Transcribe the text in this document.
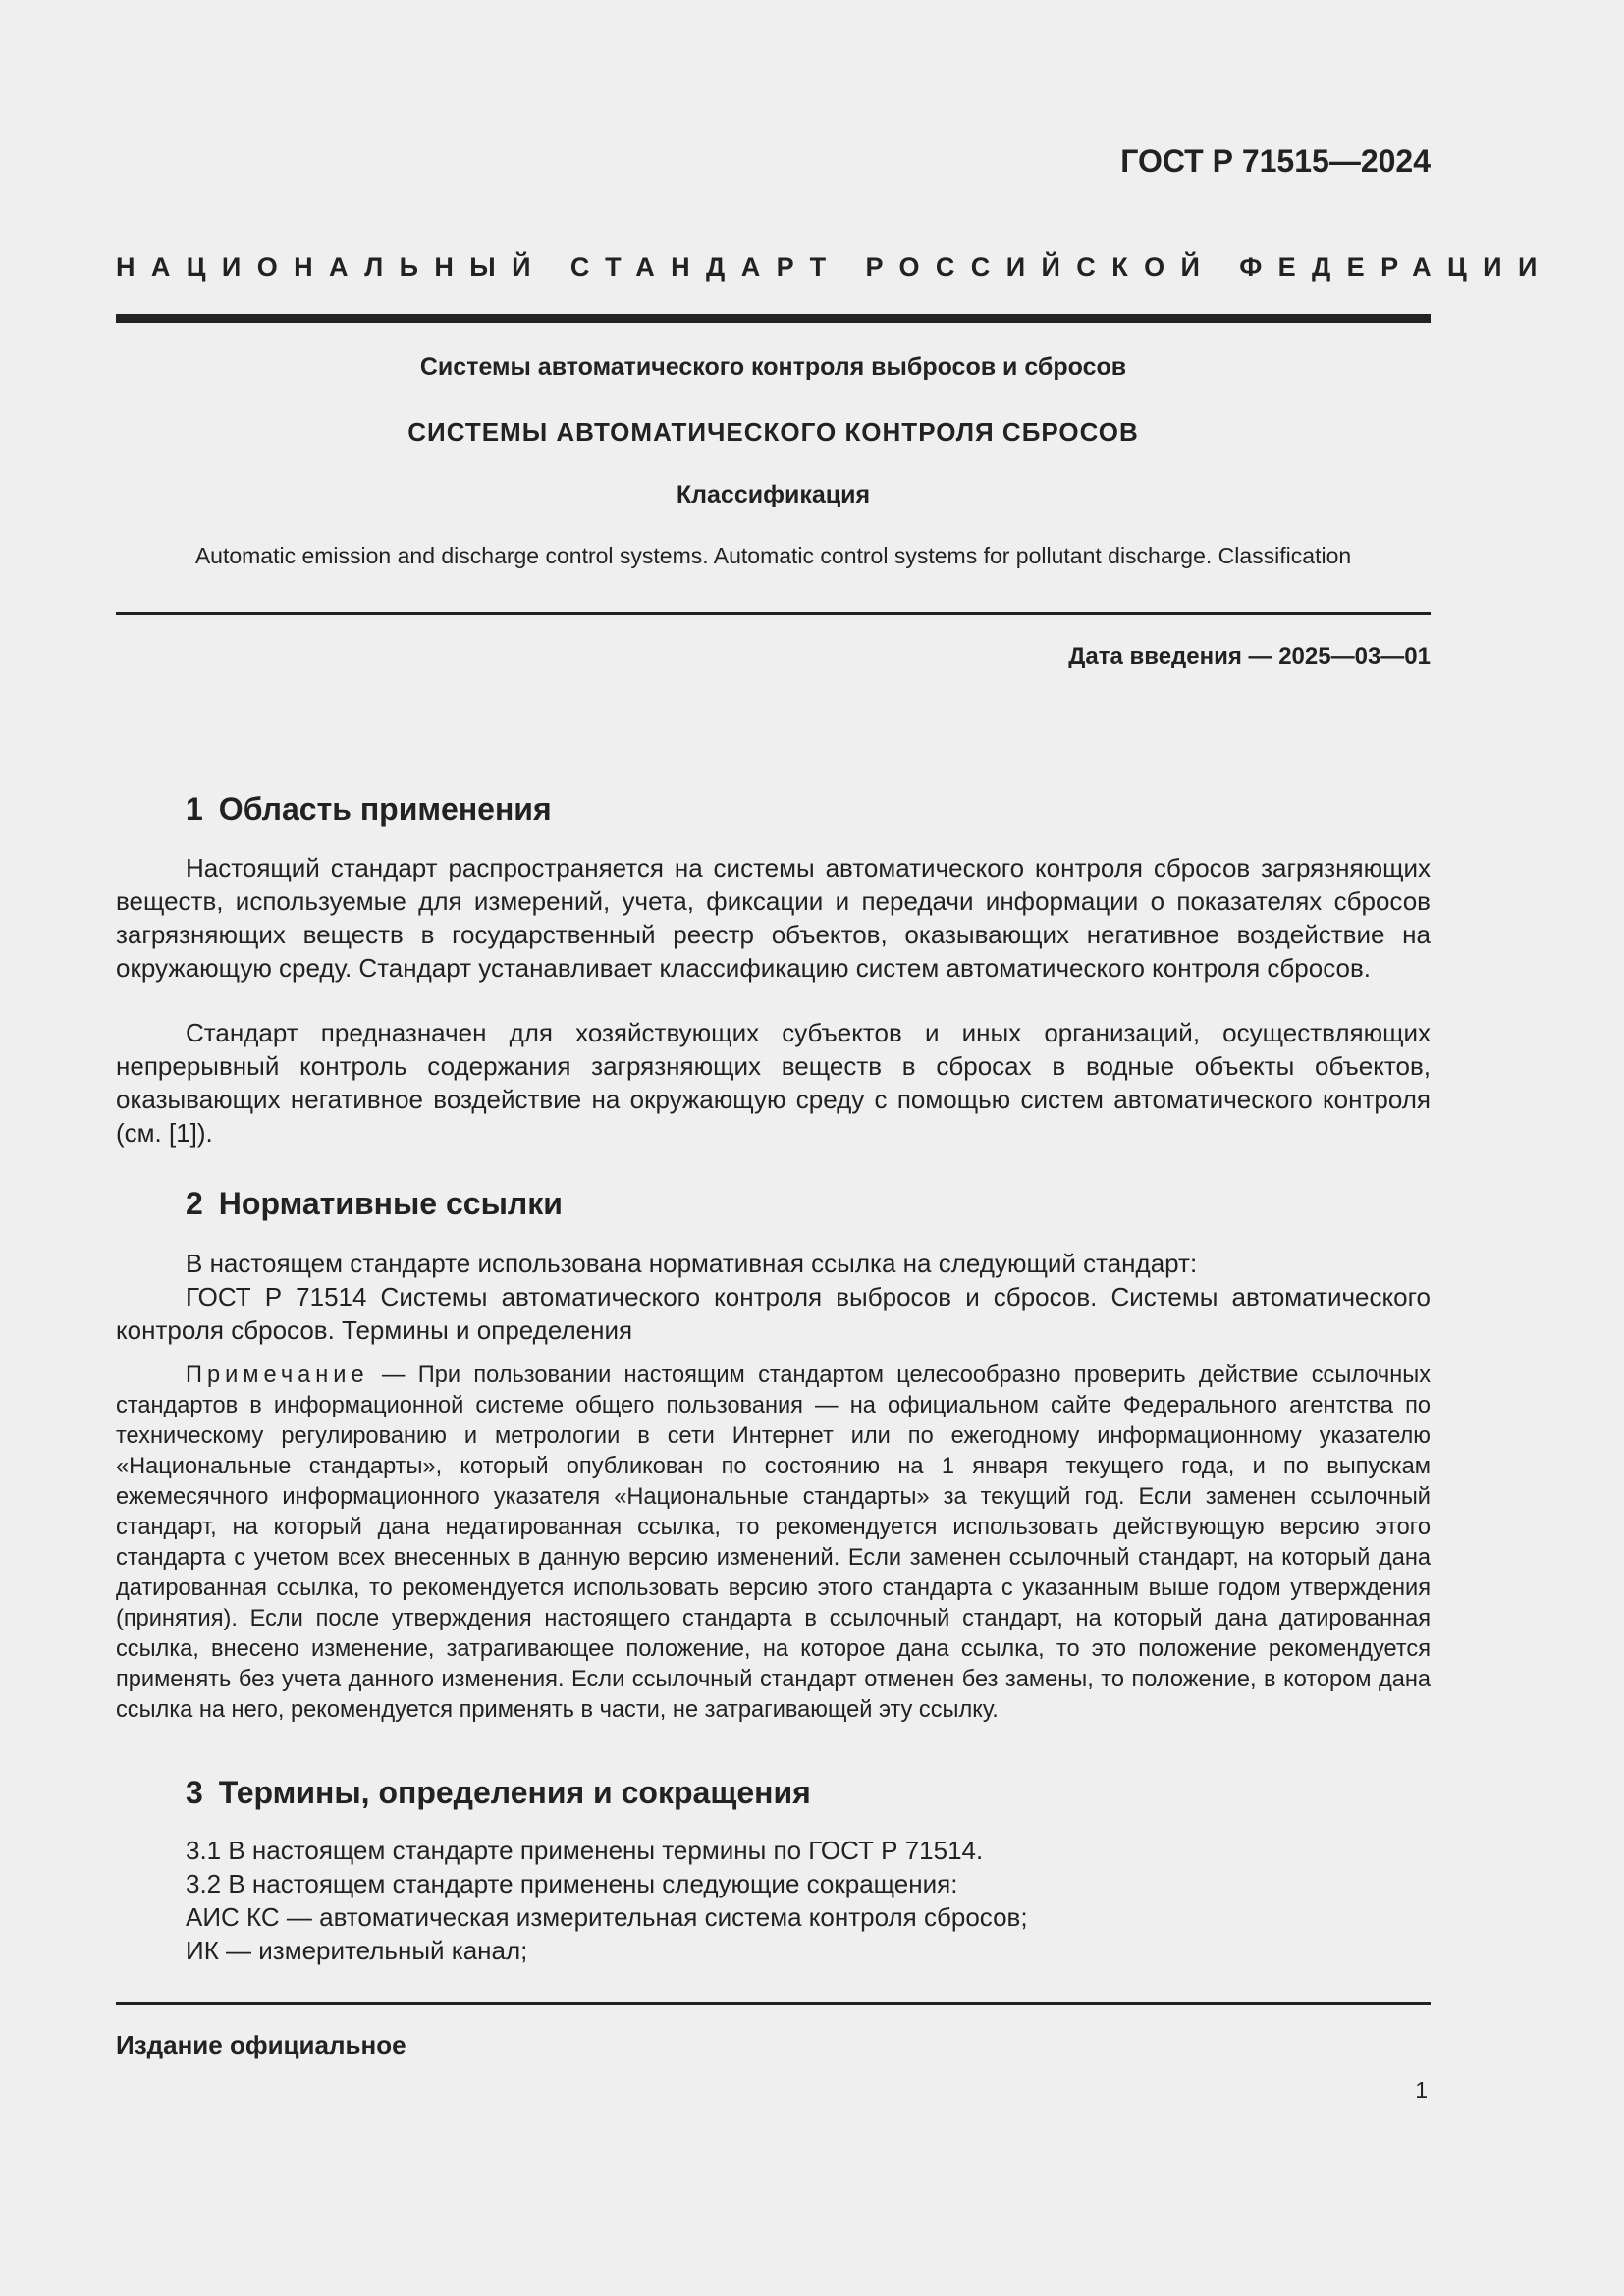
ГОСТ Р 71515—2024
НАЦИОНАЛЬНЫЙ СТАНДАРТ РОССИЙСКОЙ ФЕДЕРАЦИИ
Системы автоматического контроля выбросов и сбросов
СИСТЕМЫ АВТОМАТИЧЕСКОГО КОНТРОЛЯ СБРОСОВ
Классификация
Automatic emission and discharge control systems. Automatic control systems for pollutant discharge. Classification
Дата введения — 2025—03—01
1 Область применения
Настоящий стандарт распространяется на системы автоматического контроля сбросов загрязняющих веществ, используемые для измерений, учета, фиксации и передачи информации о показателях сбросов загрязняющих веществ в государственный реестр объектов, оказывающих негативное воздействие на окружающую среду. Стандарт устанавливает классификацию систем автоматического контроля сбросов.
Стандарт предназначен для хозяйствующих субъектов и иных организаций, осуществляющих непрерывный контроль содержания загрязняющих веществ в сбросах в водные объекты объектов, оказывающих негативное воздействие на окружающую среду с помощью систем автоматического контроля (см. [1]).
2 Нормативные ссылки
В настоящем стандарте использована нормативная ссылка на следующий стандарт:
ГОСТ Р 71514 Системы автоматического контроля выбросов и сбросов. Системы автоматического контроля сбросов. Термины и определения
Примечание — При пользовании настоящим стандартом целесообразно проверить действие ссылочных стандартов в информационной системе общего пользования — на официальном сайте Федерального агентства по техническому регулированию и метрологии в сети Интернет или по ежегодному информационному указателю «Национальные стандарты», который опубликован по состоянию на 1 января текущего года, и по выпускам ежемесячного информационного указателя «Национальные стандарты» за текущий год. Если заменен ссылочный стандарт, на который дана недатированная ссылка, то рекомендуется использовать действующую версию этого стандарта с учетом всех внесенных в данную версию изменений. Если заменен ссылочный стандарт, на который дана датированная ссылка, то рекомендуется использовать версию этого стандарта с указанным выше годом утверждения (принятия). Если после утверждения настоящего стандарта в ссылочный стандарт, на который дана датированная ссылка, внесено изменение, затрагивающее положение, на которое дана ссылка, то это положение рекомендуется применять без учета данного изменения. Если ссылочный стандарт отменен без замены, то положение, в котором дана ссылка на него, рекомендуется применять в части, не затрагивающей эту ссылку.
3 Термины, определения и сокращения
3.1 В настоящем стандарте применены термины по ГОСТ Р 71514.
3.2 В настоящем стандарте применены следующие сокращения:
АИС КС — автоматическая измерительная система контроля сбросов;
ИК — измерительный канал;
Издание официальное
1
